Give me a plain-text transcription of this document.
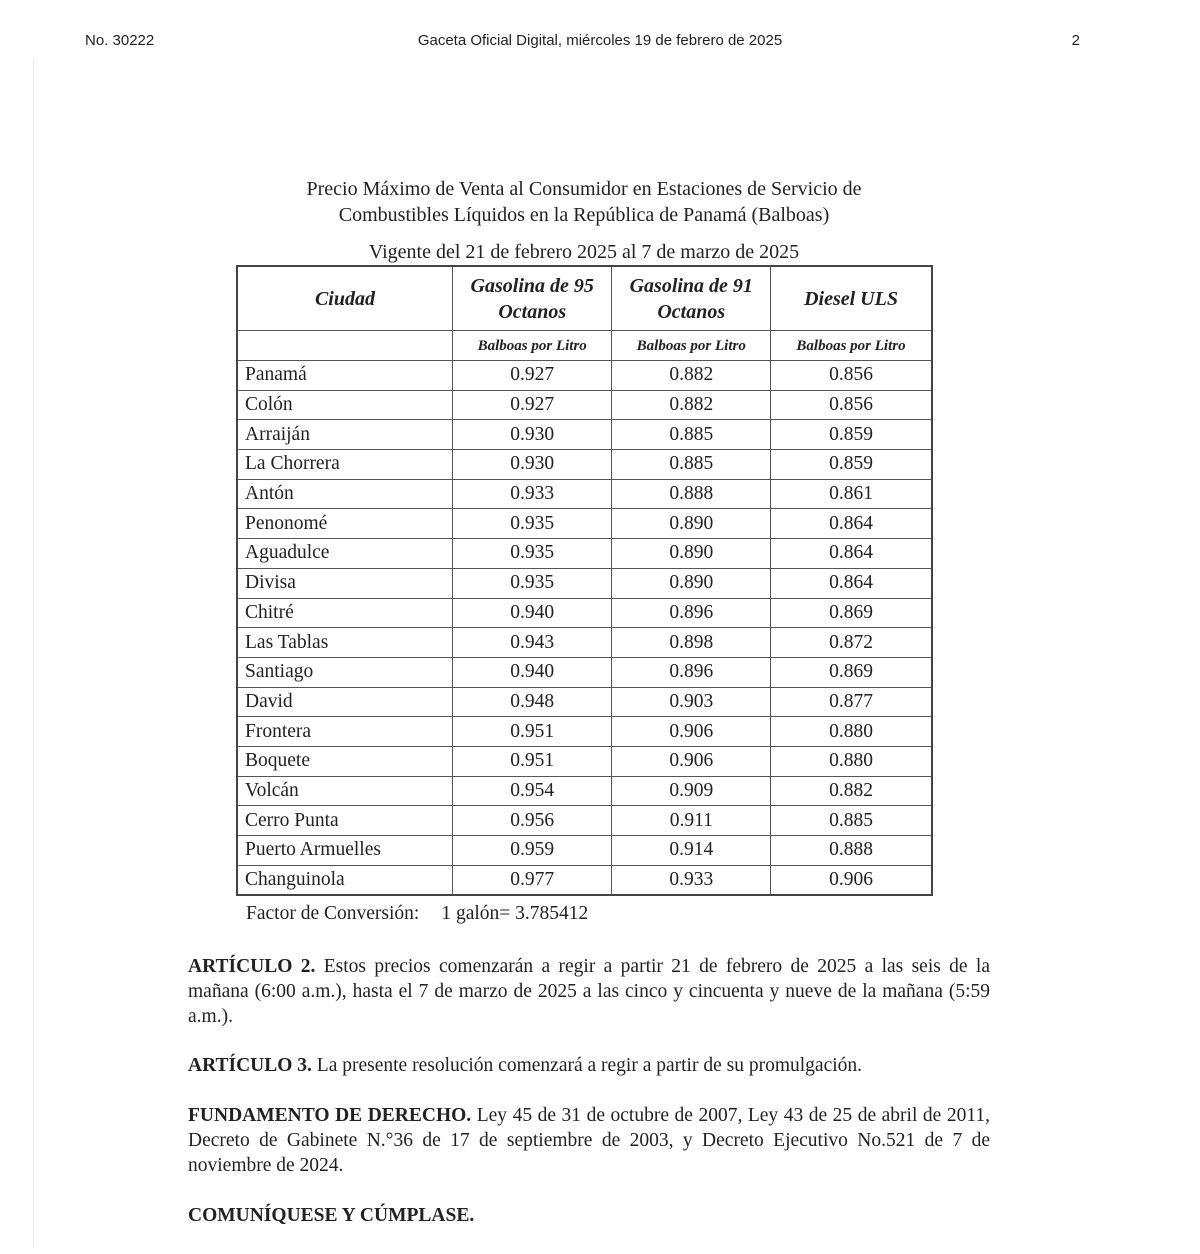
No. 30222	Gaceta Oficial Digital, miércoles 19 de febrero de 2025	2
Precio Máximo de Venta al Consumidor en Estaciones de Servicio de
Combustibles Líquidos en la República de Panamá (Balboas)
Vigente del 21 de febrero 2025 al 7 de marzo de 2025
Ciudad	Gasolina de 95 Octanos	Gasolina de 91 Octanos	Diesel ULS
	Balboas por Litro	Balboas por Litro	Balboas por Litro
Panamá	0.927	0.882	0.856
Colón	0.927	0.882	0.856
Arraiján	0.930	0.885	0.859
La Chorrera	0.930	0.885	0.859
Antón	0.933	0.888	0.861
Penonomé	0.935	0.890	0.864
Aguadulce	0.935	0.890	0.864
Divisa	0.935	0.890	0.864
Chitré	0.940	0.896	0.869
Las Tablas	0.943	0.898	0.872
Santiago	0.940	0.896	0.869
David	0.948	0.903	0.877
Frontera	0.951	0.906	0.880
Boquete	0.951	0.906	0.880
Volcán	0.954	0.909	0.882
Cerro Punta	0.956	0.911	0.885
Puerto Armuelles	0.959	0.914	0.888
Changuinola	0.977	0.933	0.906
Factor de Conversión: 1 galón= 3.785412
ARTÍCULO 2. Estos precios comenzarán a regir a partir 21 de febrero de 2025 a las seis de la mañana (6:00 a.m.), hasta el 7 de marzo de 2025 a las cinco y cincuenta y nueve de la mañana (5:59 a.m.).
ARTÍCULO 3. La presente resolución comenzará a regir a partir de su promulgación.
FUNDAMENTO DE DERECHO. Ley 45 de 31 de octubre de 2007, Ley 43 de 25 de abril de 2011, Decreto de Gabinete N.°36 de 17 de septiembre de 2003, y Decreto Ejecutivo No.521 de 7 de noviembre de 2024.
COMUNÍQUESE Y CÚMPLASE.
